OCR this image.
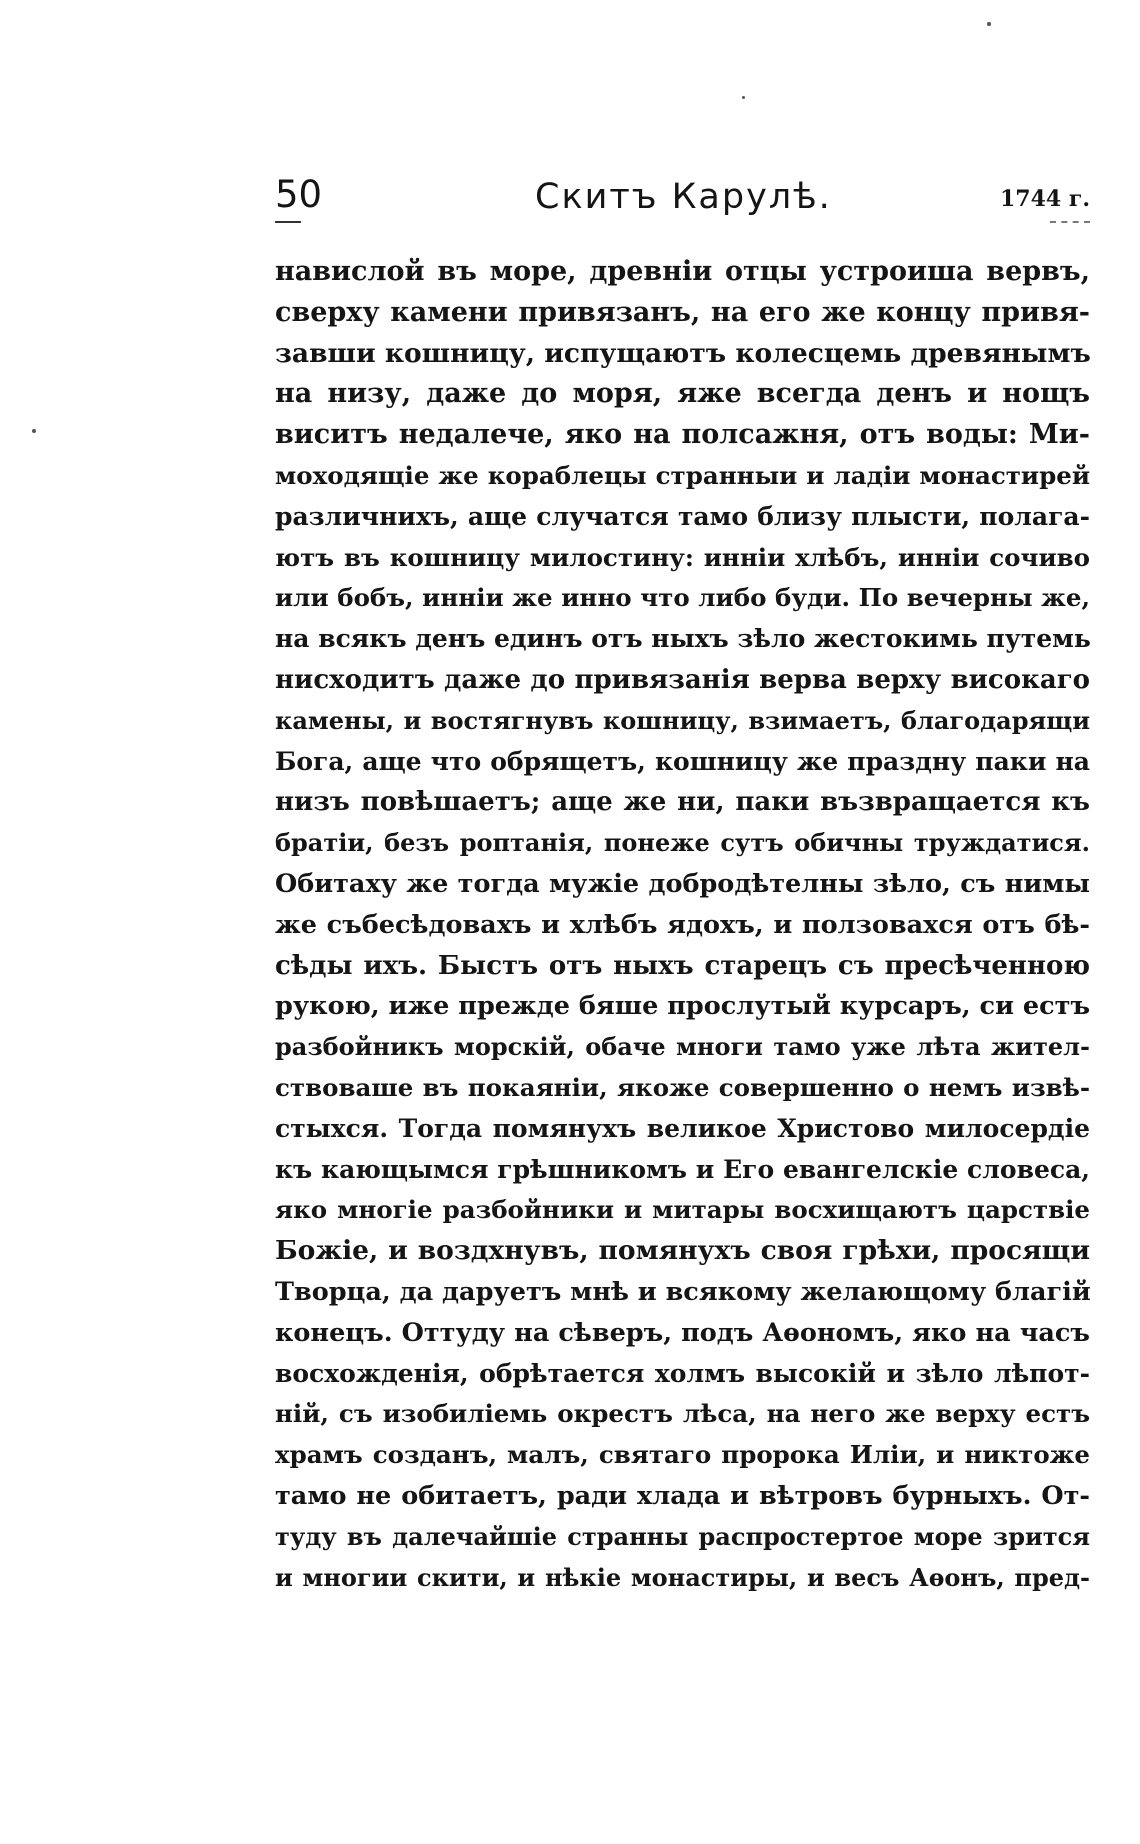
50	Скитъ Карулѣ.	1744 г.
навислой въ море, древніи отцы устроиша вервъ,
сверху камени привязанъ, на его же концу привя-
завши кошницу, испущаютъ колесцемь древянымъ
на низу, даже до моря, яже всегда денъ и нощъ
виситъ недалече, яко на полсажня, отъ воды: Ми-
моходящіе же кораблецы странныи и ладіи монастирей
различнихъ, аще случатся тамо близу плысти, полага-
ютъ въ кошницу милостину: инніи хлѣбъ, инніи сочиво
или бобъ, инніи же инно что либо буди. По вечерны же,
на всякъ денъ единъ отъ ныхъ зѣло жестокимь путемь
нисходитъ даже до привязанія верва верху високаго
камены, и востягнувъ кошницу, взимаетъ, благодарящи
Бога, аще что обрящетъ, кошницу же праздну паки на
низъ повѣшаетъ; аще же ни, паки възвращается къ
братіи, безъ роптанія, понеже сутъ обичны труждатися.
Обитаху же тогда мужіе добродѣтелны зѣло, съ нимы
же събесѣдовахъ и хлѣбъ ядохъ, и ползовахся отъ бѣ-
сѣды ихъ. Быстъ отъ ныхъ старецъ съ пресѣченною
рукою, иже прежде бяше прослутый курсаръ, си естъ
разбойникъ морскій, обаче многи тамо уже лѣта жител-
ствоваше въ покаяніи, якоже совершенно о немъ извѣ-
стыхся. Тогда помянухъ великое Христово милосердіе
къ кающымся грѣшникомъ и Его евангелскіе словеса,
яко многіе разбойники и митары восхищаютъ царствіе
Божіе, и воздхнувъ, помянухъ своя грѣхи, просящи
Творца, да даруетъ мнѣ и всякому желающому благій
конецъ. Оттуду на сѣверъ, подъ Аѳономъ, яко на часъ
восхожденія, обрѣтается холмъ высокій и зѣло лѣпот-
ній, съ изобиліемь окрестъ лѣса, на него же верху естъ
храмъ созданъ, малъ, святаго пророка Иліи, и никтоже
тамо не обитаетъ, ради хлада и вѣтровъ бурныхъ. От-
туду въ далечайшіе странны распростертое море зрится
и многии скити, и нѣкіе монастиры, и весъ Аѳонъ, пред-
